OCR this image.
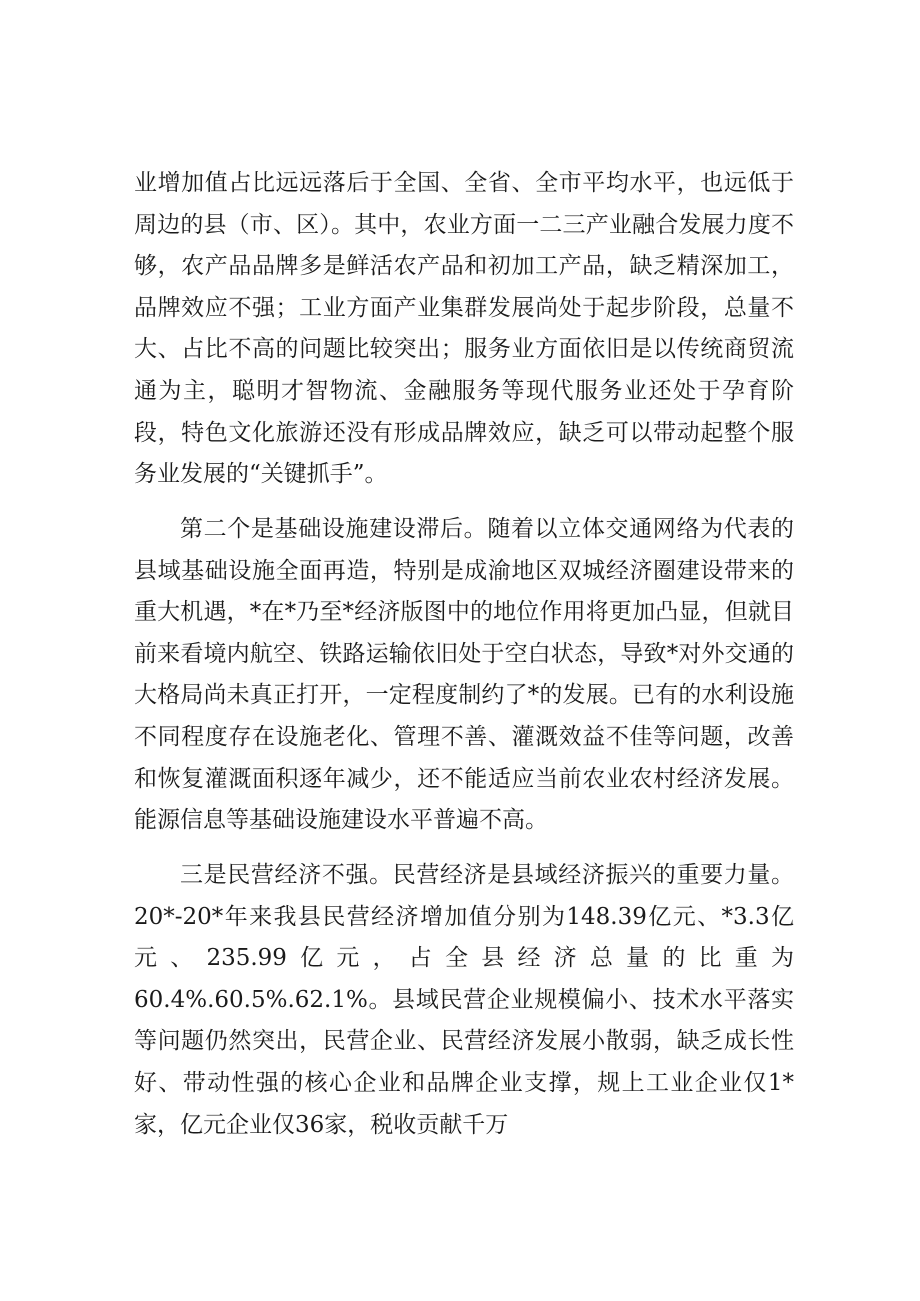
业增加值占比远远落后于全国、全省、全市平均水平，也远低于周边的县（市、区）。其中，农业方面一二三产业融合发展力度不够，农产品品牌多是鲜活农产品和初加工产品，缺乏精深加工，品牌效应不强；工业方面产业集群发展尚处于起步阶段，总量不大、占比不高的问题比较突出；服务业方面依旧是以传统商贸流通为主，聪明才智物流、金融服务等现代服务业还处于孕育阶段，特色文化旅游还没有形成品牌效应，缺乏可以带动起整个服务业发展的“关键抓手”。

第二个是基础设施建设滞后。随着以立体交通网络为代表的县域基础设施全面再造，特别是成渝地区双城经济圈建设带来的重大机遇，*在*乃至*经济版图中的地位作用将更加凸显，但就目前来看境内航空、铁路运输依旧处于空白状态，导致*对外交通的大格局尚未真正打开，一定程度制约了*的发展。已有的水利设施不同程度存在设施老化、管理不善、灌溉效益不佳等问题，改善和恢复灌溉面积逐年减少，还不能适应当前农业农村经济发展。能源信息等基础设施建设水平普遍不高。

三是民营经济不强。民营经济是县域经济振兴的重要力量。20*-20*年来我县民营经济增加值分别为148.39亿元、*3.3亿元、235.99亿元，占全县经济总量的比重为60.4%.60.5%.62.1%。县域民营企业规模偏小、技术水平落实等问题仍然突出，民营企业、民营经济发展小散弱，缺乏成长性好、带动性强的核心企业和品牌企业支撑，规上工业企业仅1*家，亿元企业仅36家，税收贡献千万
